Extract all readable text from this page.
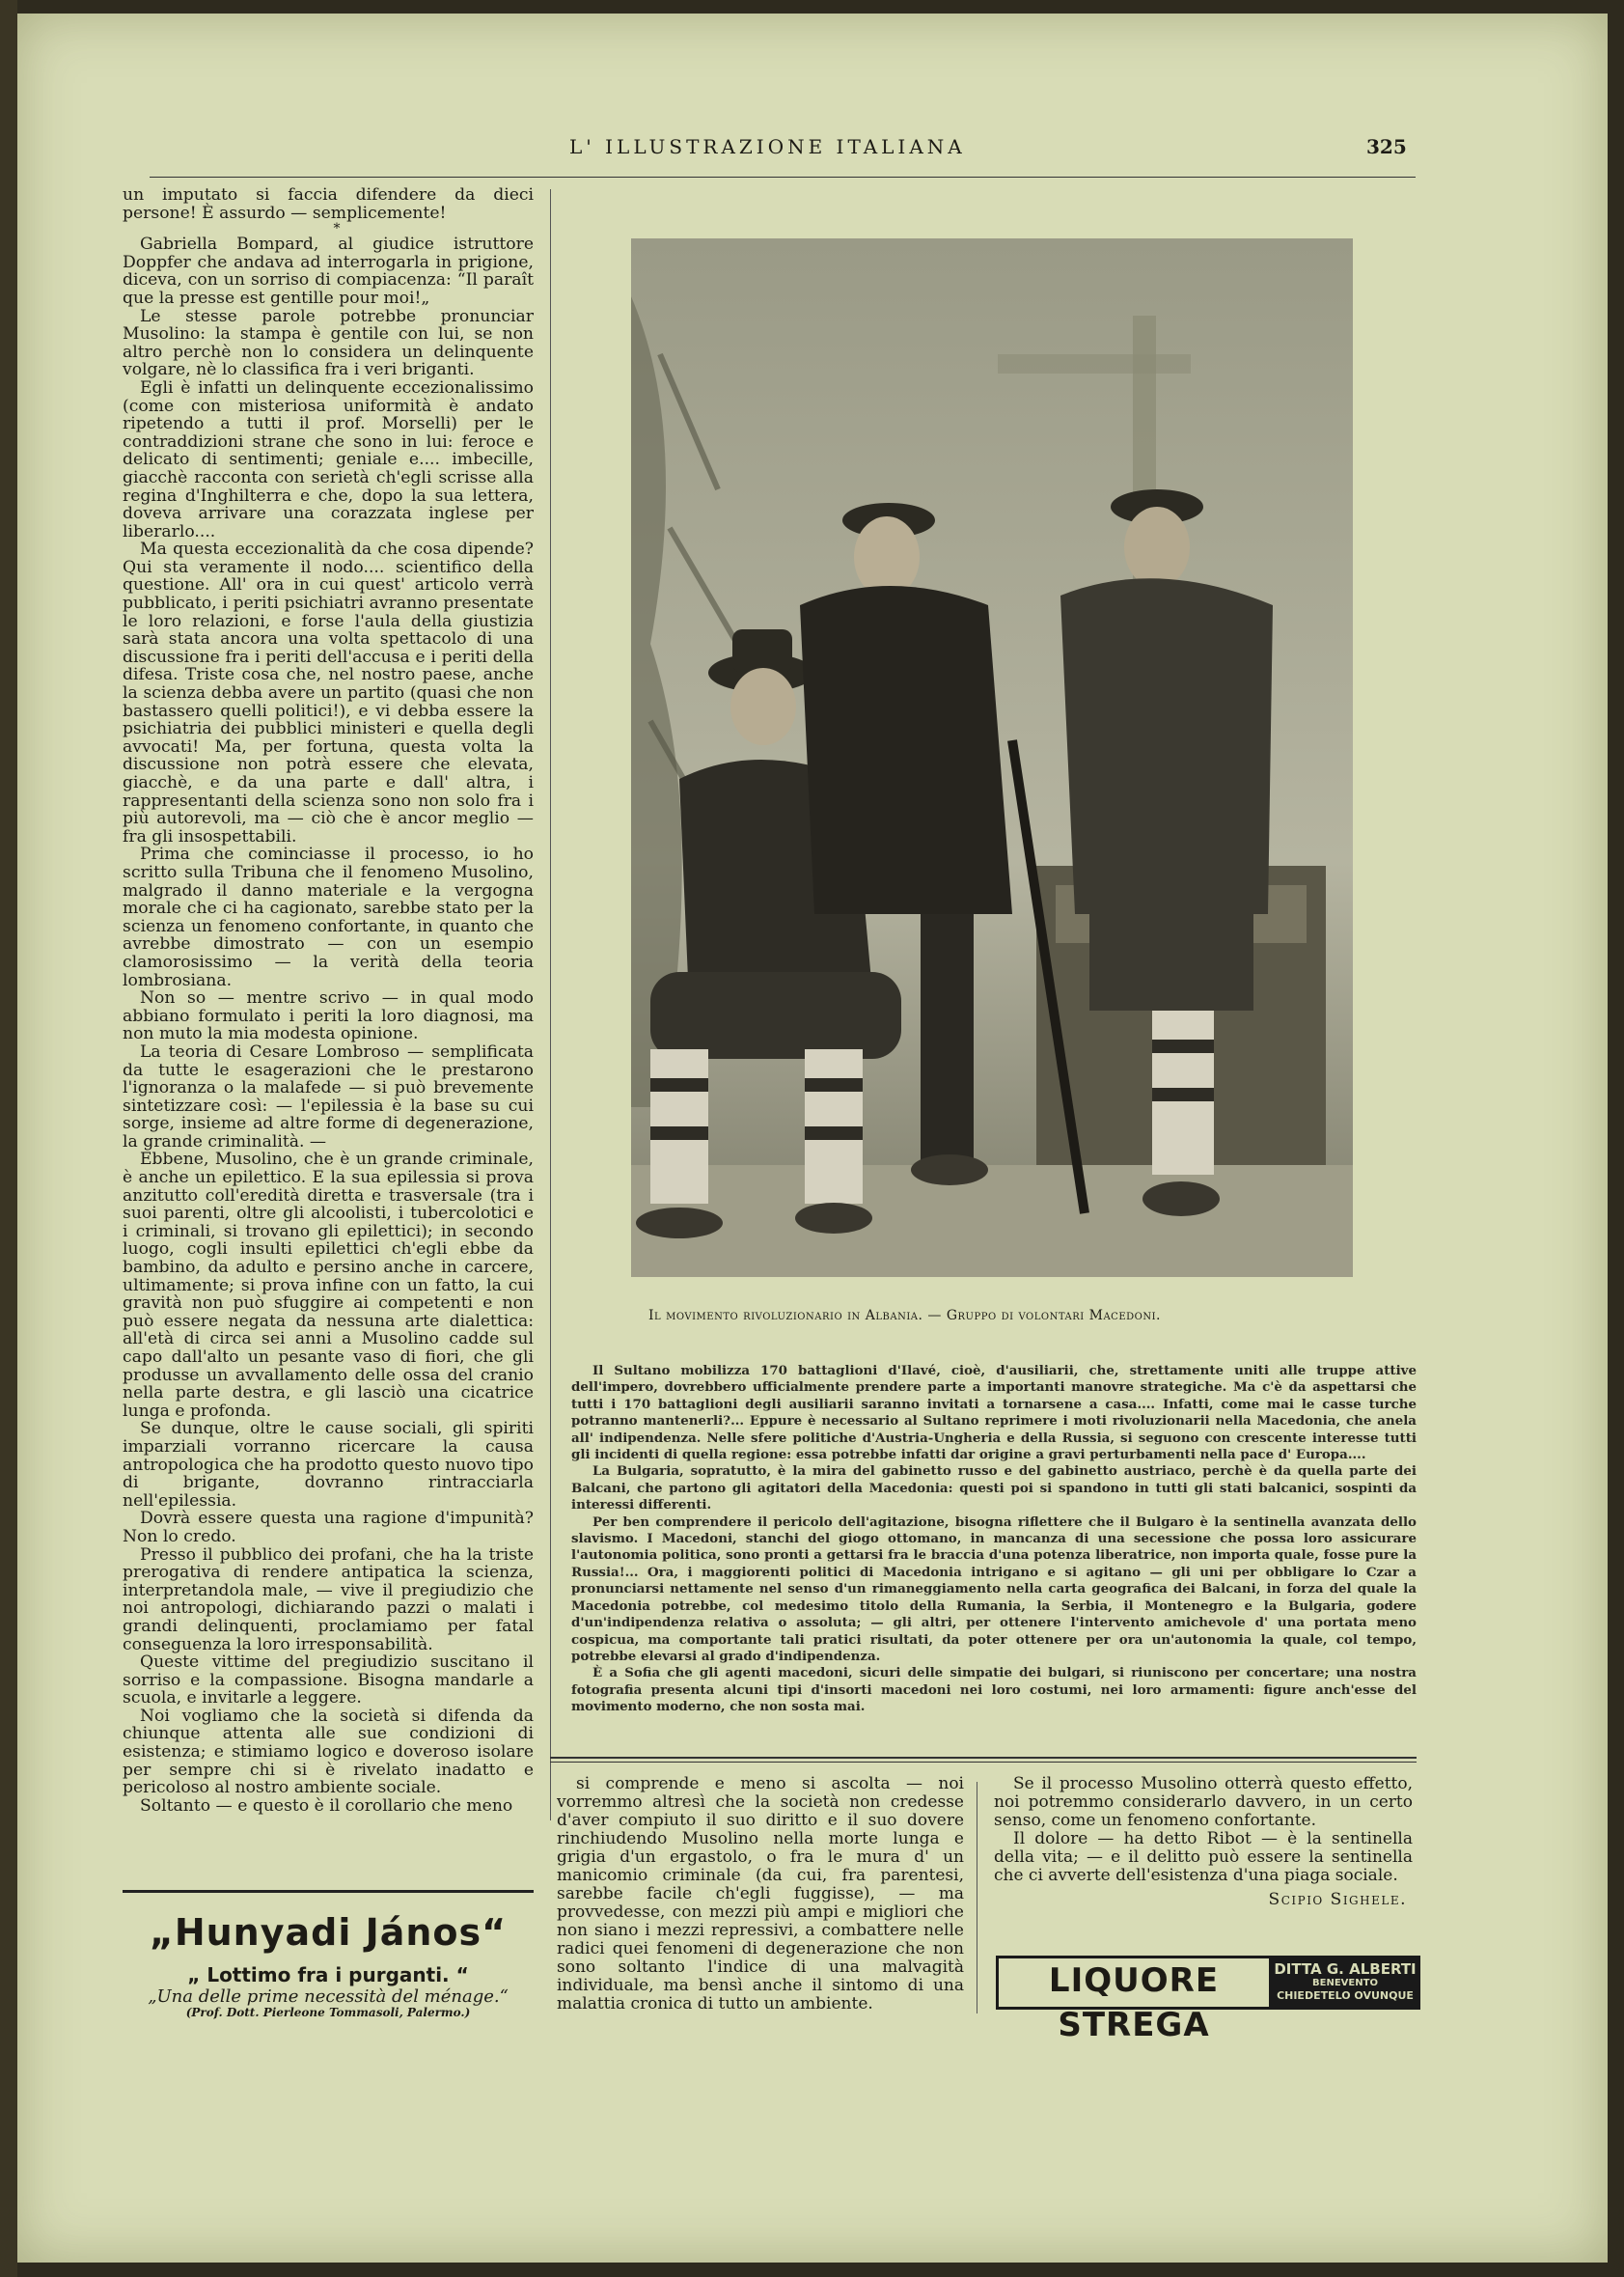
L' ILLUSTRAZIONE ITALIANA	325

un imputato si faccia difendere da dieci persone! È assurdo — semplicemente!

*

Gabriella Bompard, al giudice istruttore Doppfer che andava ad interrogarla in prigione, diceva, con un sorriso di compiacenza: “Il paraît que la presse est gentille pour moi!„

Le stesse parole potrebbe pronunciar Musolino: la stampa è gentile con lui, se non altro perchè non lo considera un delinquente volgare, nè lo classifica fra i veri briganti.

Egli è infatti un delinquente eccezionalissimo (come con misteriosa uniformità è andato ripetendo a tutti il prof. Morselli) per le contraddizioni strane che sono in lui: feroce e delicato di sentimenti; geniale e.... imbecille, giacchè racconta con serietà ch'egli scrisse alla regina d'Inghilterra e che, dopo la sua lettera, doveva arrivare una corazzata inglese per liberarlo....

Ma questa eccezionalità da che cosa dipende? Qui sta veramente il nodo.... scientifico della questione. All' ora in cui quest' articolo verrà pubblicato, i periti psichiatri avranno presentate le loro relazioni, e forse l'aula della giustizia sarà stata ancora una volta spettacolo di una discussione fra i periti dell'accusa e i periti della difesa. Triste cosa che, nel nostro paese, anche la scienza debba avere un partito (quasi che non bastassero quelli politici!), e vi debba essere la psichiatria dei pubblici ministeri e quella degli avvocati! Ma, per fortuna, questa volta la discussione non potrà essere che elevata, giacchè, e da una parte e dall' altra, i rappresentanti della scienza sono non solo fra i più autorevoli, ma — ciò che è ancor meglio — fra gli insospettabili.

Prima che cominciasse il processo, io ho scritto sulla Tribuna che il fenomeno Musolino, malgrado il danno materiale e la vergogna morale che ci ha cagionato, sarebbe stato per la scienza un fenomeno confortante, in quanto che avrebbe dimostrato — con un esempio clamorosissimo — la verità della teoria lombrosiana.

Non so — mentre scrivo — in qual modo abbiano formulato i periti la loro diagnosi, ma non muto la mia modesta opinione.

La teoria di Cesare Lombroso — semplificata da tutte le esagerazioni che le prestarono l'ignoranza o la malafede — si può brevemente sintetizzare così: — l'epilessia è la base su cui sorge, insieme ad altre forme di degenerazione, la grande criminalità. —

Ebbene, Musolino, che è un grande criminale, è anche un epilettico. E la sua epilessia si prova anzitutto coll'eredità diretta e trasversale (tra i suoi parenti, oltre gli alcoolisti, i tubercolotici e i criminali, si trovano gli epilettici); in secondo luogo, cogli insulti epilettici ch'egli ebbe da bambino, da adulto e persino anche in carcere, ultimamente; si prova infine con un fatto, la cui gravità non può sfuggire ai competenti e non può essere negata da nessuna arte dialettica: all'età di circa sei anni a Musolino cadde sul capo dall'alto un pesante vaso di fiori, che gli produsse un avvallamento delle ossa del cranio nella parte destra, e gli lasciò una cicatrice lunga e profonda.

Se dunque, oltre le cause sociali, gli spiriti imparziali vorranno ricercare la causa antropologica che ha prodotto questo nuovo tipo di brigante, dovranno rintracciarla nell'epilessia.

Dovrà essere questa una ragione d'impunità? Non lo credo.

Presso il pubblico dei profani, che ha la triste prerogativa di rendere antipatica la scienza, interpretandola male, — vive il pregiudizio che noi antropologi, dichiarando pazzi o malati i grandi delinquenti, proclamiamo per fatal conseguenza la loro irresponsabilità.

Queste vittime del pregiudizio suscitano il sorriso e la compassione. Bisogna mandarle a scuola, e invitarle a leggere.

Noi vogliamo che la società si difenda da chiunque attenta alle sue condizioni di esistenza; e stimiamo logico e doveroso isolare per sempre chi si è rivelato inadatto e pericoloso al nostro ambiente sociale.

Soltanto — e questo è il corollario che meno

„Hunyadi János“
„ Lottimo fra i purganti. “
„Una delle prime necessità del ménage.“
(Prof. Dott. Pierleone Tommasoli, Palermo.)
Il movimento rivoluzionario in Albania. — Gruppo di volontari Macedoni.

Il Sultano mobilizza 170 battaglioni d'Ilavé, cioè, d'ausiliarii, che, strettamente uniti alle truppe attive dell'impero, dovrebbero ufficialmente prendere parte a importanti manovre strategiche. Ma c'è da aspettarsi che tutti i 170 battaglioni degli ausiliarii saranno invitati a tornarsene a casa.... Infatti, come mai le casse turche potranno mantenerli?... Eppure è necessario al Sultano reprimere i moti rivoluzionarii nella Macedonia, che anela all' indipendenza. Nelle sfere politiche d'Austria-Ungheria e della Russia, si seguono con crescente interesse tutti gli incidenti di quella regione: essa potrebbe infatti dar origine a gravi perturbamenti nella pace d' Europa....

La Bulgaria, sopratutto, è la mira del gabinetto russo e del gabinetto austriaco, perchè è da quella parte dei Balcani, che partono gli agitatori della Macedonia: questi poi si spandono in tutti gli stati balcanici, sospinti da interessi differenti.

Per ben comprendere il pericolo dell'agitazione, bisogna riflettere che il Bulgaro è la sentinella avanzata dello slavismo. I Macedoni, stanchi del giogo ottomano, in mancanza di una secessione che possa loro assicurare l'autonomia politica, sono pronti a gettarsi fra le braccia d'una potenza liberatrice, non importa quale, fosse pure la Russia!... Ora, i maggiorenti politici di Macedonia intrigano e si agitano — gli uni per obbligare lo Czar a pronunciarsi nettamente nel senso d'un rimaneggiamento nella carta geografica dei Balcani, in forza del quale la Macedonia potrebbe, col medesimo titolo della Rumania, la Serbia, il Montenegro e la Bulgaria, godere d'un'indipendenza relativa o assoluta; — gli altri, per ottenere l'intervento amichevole d' una portata meno cospicua, ma comportante tali pratici risultati, da poter ottenere per ora un'autonomia la quale, col tempo, potrebbe elevarsi al grado d'indipendenza.

È a Sofia che gli agenti macedoni, sicuri delle simpatie dei bulgari, si riuniscono per concertare; una nostra fotografia presenta alcuni tipi d'insorti macedoni nei loro costumi, nei loro armamenti: figure anch'esse del movimento moderno, che non sosta mai.

si comprende e meno si ascolta — noi vorremmo altresì che la società non credesse d'aver compiuto il suo diritto e il suo dovere rinchiudendo Musolino nella morte lunga e grigia d'un ergastolo, o fra le mura d' un manicomio criminale (da cui, fra parentesi, sarebbe facile ch'egli fuggisse), — ma provvedesse, con mezzi più ampi e migliori che non siano i mezzi repressivi, a combattere nelle radici quei fenomeni di degenerazione che non sono soltanto l'indice di una malvagità individuale, ma bensì anche il sintomo di una malattia cronica di tutto un ambiente.

Se il processo Musolino otterrà questo effetto, noi potremmo considerarlo davvero, in un certo senso, come un fenomeno confortante.

Il dolore — ha detto Ribot — è la sentinella della vita; — e il delitto può essere la sentinella che ci avverte dell'esistenza d'una piaga sociale.

Scipio Sighele.
LIQUORE STREGA
DITTA G. ALBERTI
BENEVENTO
CHIEDETELO OVUNQUE
